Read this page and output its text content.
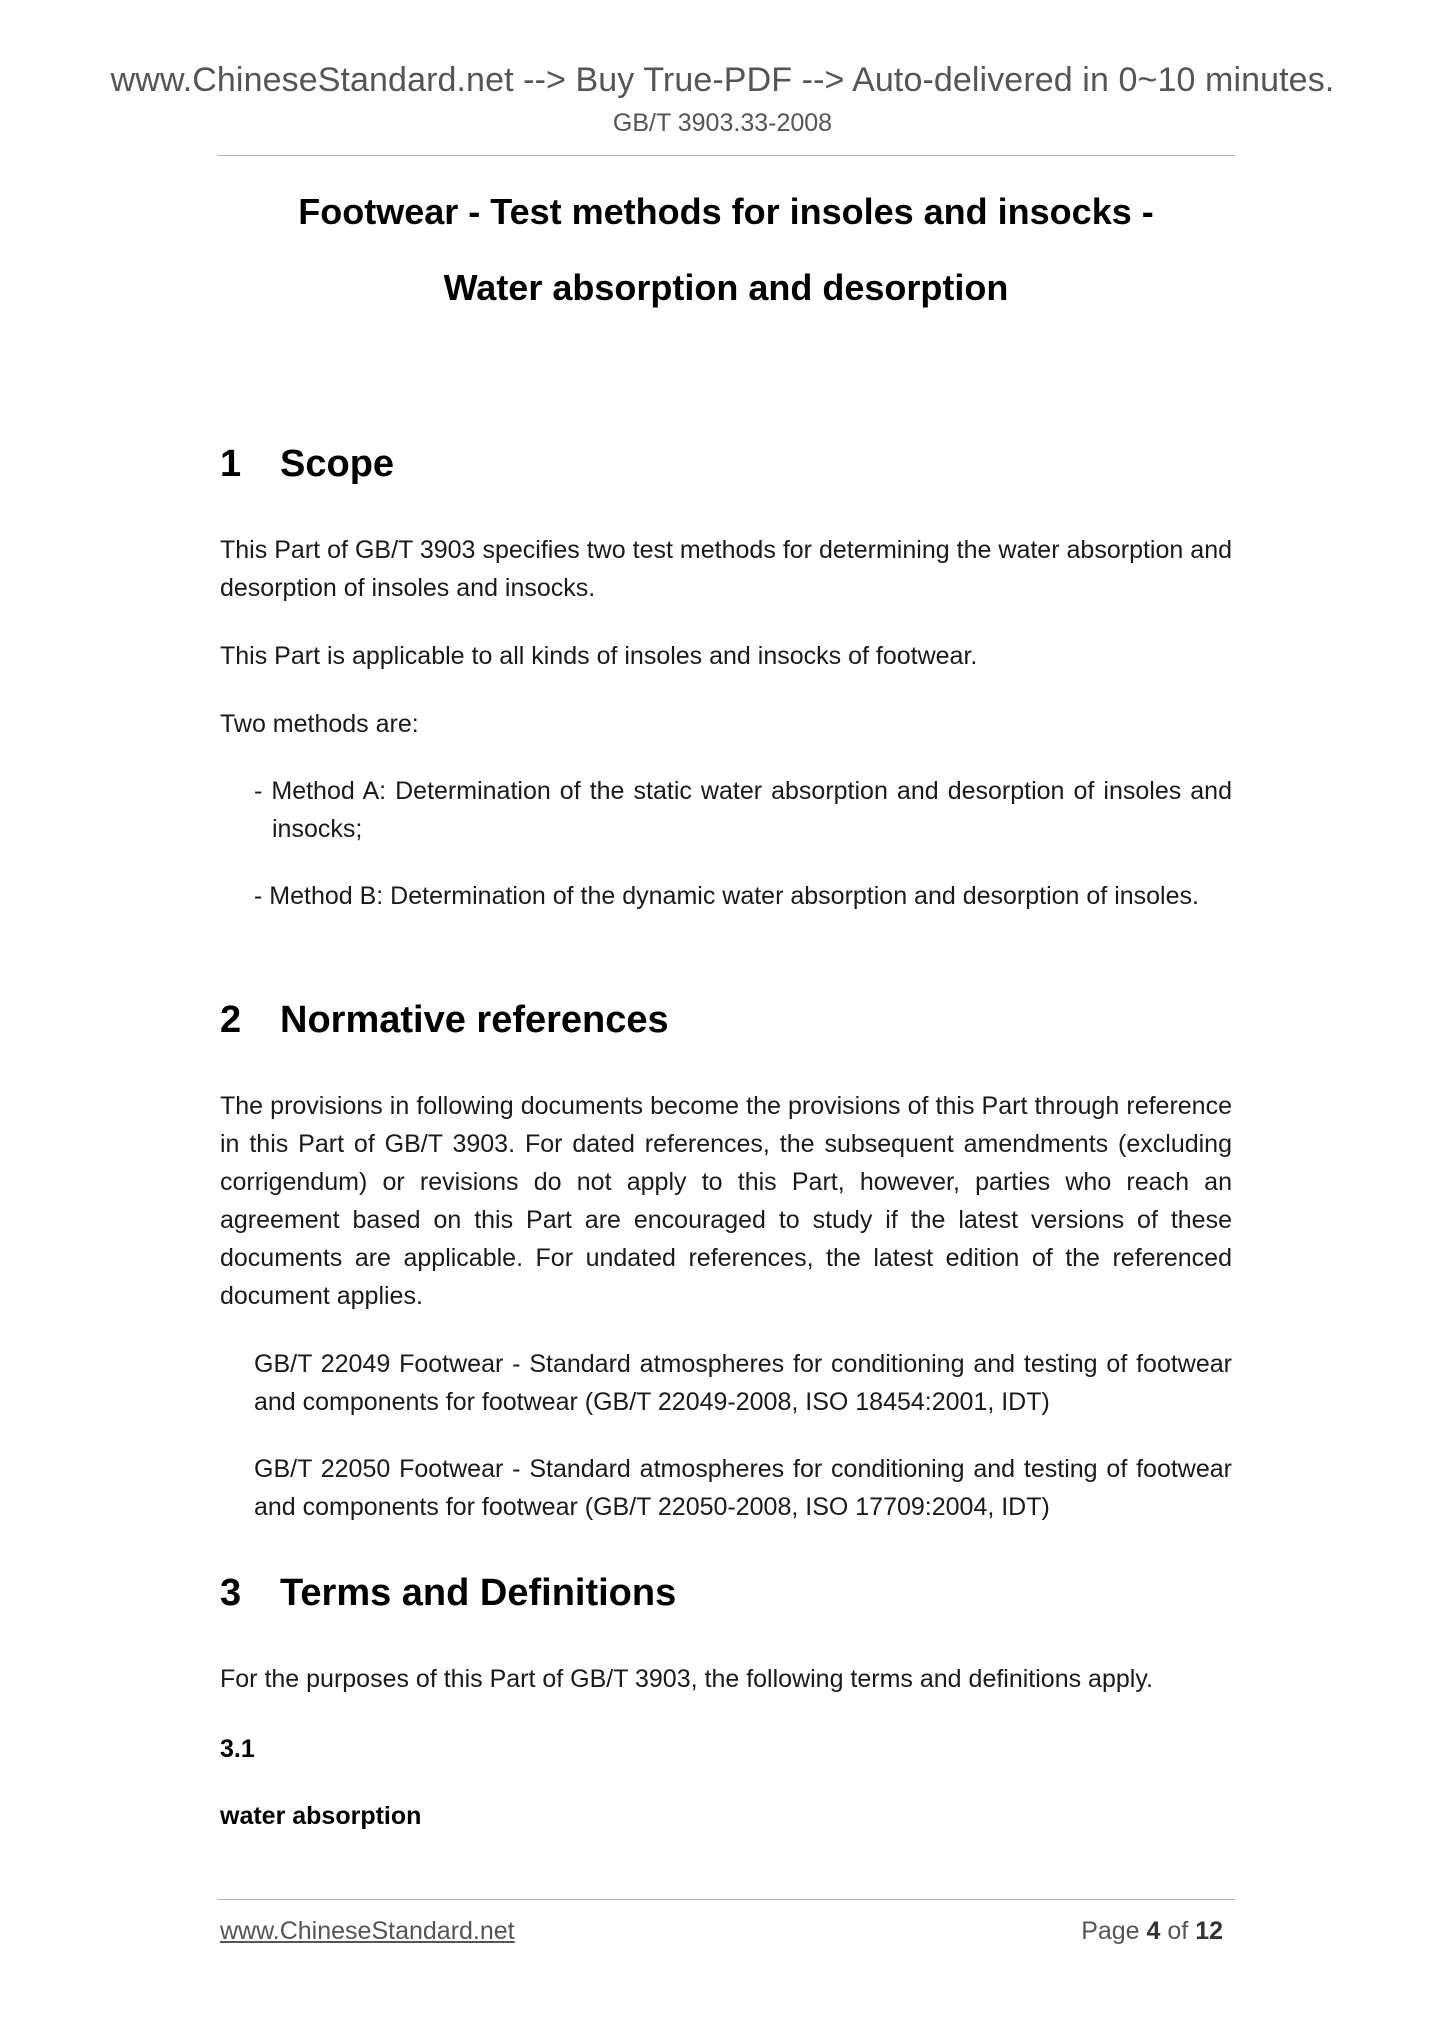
www.ChineseStandard.net --> Buy True-PDF --> Auto-delivered in 0~10 minutes.
GB/T 3903.33-2008
Footwear - Test methods for insoles and insocks -
Water absorption and desorption
1 Scope
This Part of GB/T 3903 specifies two test methods for determining the water absorption and desorption of insoles and insocks.
This Part is applicable to all kinds of insoles and insocks of footwear.
Two methods are:
- Method A: Determination of the static water absorption and desorption of insoles and insocks;
- Method B: Determination of the dynamic water absorption and desorption of insoles.
2 Normative references
The provisions in following documents become the provisions of this Part through reference in this Part of GB/T 3903. For dated references, the subsequent amendments (excluding corrigendum) or revisions do not apply to this Part, however, parties who reach an agreement based on this Part are encouraged to study if the latest versions of these documents are applicable. For undated references, the latest edition of the referenced document applies.
GB/T 22049 Footwear - Standard atmospheres for conditioning and testing of footwear and components for footwear (GB/T 22049-2008, ISO 18454:2001, IDT)
GB/T 22050 Footwear - Standard atmospheres for conditioning and testing of footwear and components for footwear (GB/T 22050-2008, ISO 17709:2004, IDT)
3 Terms and Definitions
For the purposes of this Part of GB/T 3903, the following terms and definitions apply.
3.1
water absorption
www.ChineseStandard.net	Page 4 of 12
